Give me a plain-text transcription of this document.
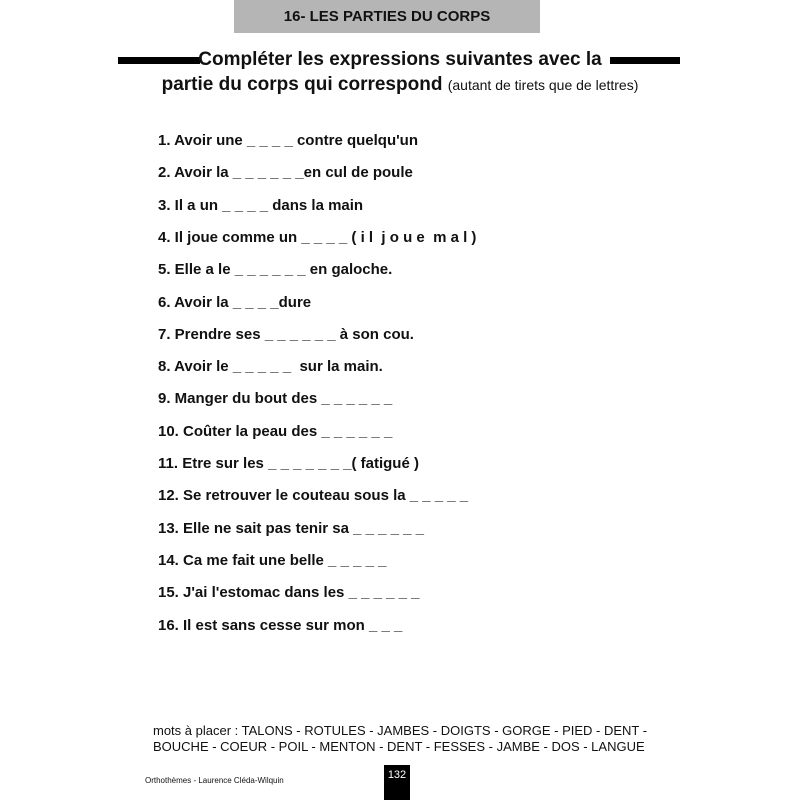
16- LES PARTIES DU CORPS
Compléter les expressions suivantes avec la
partie du corps qui correspond (autant de tirets que de lettres)
1. Avoir une _ _ _ _ contre quelqu'un
2. Avoir la _ _ _ _ _ _en cul de poule
3. Il a un _ _ _ _ dans la main
4. Il joue comme un _ _ _ _ ( i l  j o u e  m a l )
5. Elle a le _ _ _ _ _ _ en galoche.
6. Avoir la _ _ _ _dure
7. Prendre ses _ _ _ _ _ _ à son cou.
8. Avoir le _ _ _ _ _  sur la main.
9. Manger du bout des _ _ _ _ _ _
10. Coûter la peau des _ _ _ _ _ _
11. Etre sur les _ _ _ _ _ _ _( fatigué )
12. Se retrouver le couteau sous la _ _ _ _ _
13. Elle ne sait pas tenir sa _ _ _ _ _ _
14. Ca me fait une belle _ _ _ _ _
15. J'ai l'estomac dans les _ _ _ _ _ _
16. Il est sans cesse sur mon _ _ _
mots à placer : TALONS - ROTULES - JAMBES - DOIGTS - GORGE - PIED - DENT -
BOUCHE - COEUR - POIL - MENTON - DENT - FESSES - JAMBE - DOS - LANGUE
Orthothèmes - Laurence Cléda-Wilquin	132
